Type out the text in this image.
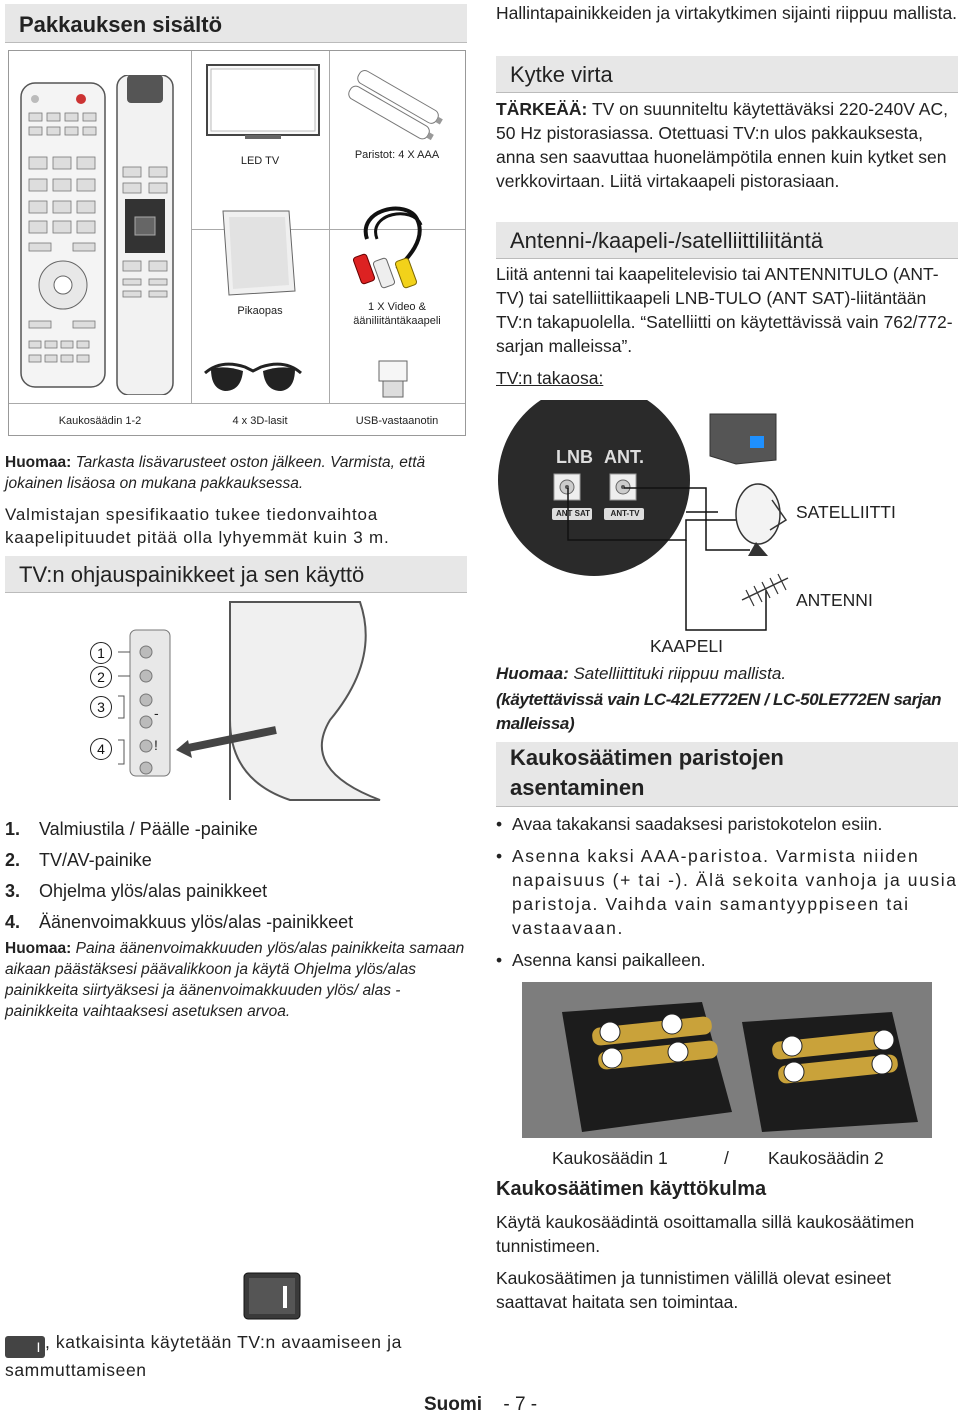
Pakkauksen sisältö
LED TV	Paristot: 4 X AAA
Pikaopas	1 X Video &
ääniliitäntäkaapeli
Kaukosäädin 1-2	4 x 3D-lasit	USB-vastaanotin
Huomaa: Tarkasta lisävarusteet oston jälkeen. Varmista, että jokainen lisäosa on mukana pakkauksessa.
Valmistajan spesifikaatio tukee tiedonvaihtoa kaapelipituudet pitää olla lyhyemmät kuin 3 m.
TV:n ohjauspainikkeet ja sen käyttö
-
!
1
2
3
4
1. Valmiustila / Päälle -painike
2. TV/AV-painike
3. Ohjelma ylös/alas painikkeet
4. Äänenvoimakkuus ylös/alas -painikkeet
Huomaa: Paina äänenvoimakkuuden ylös/alas painikkeita samaan aikaan päästäksesi päävalikkoon ja käytä Ohjelma ylös/alas painikkeita siirtyäksesi ja äänenvoimakkuuden ylös/ alas -painikkeita vaihtaaksesi asetuksen arvoa.
I , katkaisinta käytetään TV:n avaamiseen ja sammuttamiseen
Hallintapainikkeiden ja virtakytkimen sijainti riippuu mallista.
Kytke virta
TÄRKEÄÄ: TV on suunniteltu käytettäväksi 220-240V AC, 50 Hz pistorasiassa. Otettuasi TV:n ulos pakkauksesta, anna sen saavuttaa huonelämpötila ennen kuin kytket sen verkkovirtaan. Liitä virtakaapeli pistorasiaan.
Antenni-/kaapeli-/satelliittiliitäntä
Liitä antenni tai kaapelitelevisio tai ANTENNITULO (ANT-TV) tai satelliittikaapeli LNB-TULO (ANT SAT)-liitäntään TV:n takapuolella. “Satelliitti on käytettävissä vain 762/772-sarjan malleissa”.
TV:n takaosa:
LNB ANT.
ANT SAT	ANT-TV	SATELLIITTI
ANTENNI
KAAPELI
Huomaa: Satelliittituki riippuu mallista.
(käytettävissä vain LC-42LE772EN / LC-50LE772EN sarjan malleissa)
Kaukosäätimen paristojen
asentaminen
• Avaa takakansi saadaksesi paristokotelon esiin.
• Asenna kaksi AAA-paristoa. Varmista niiden napaisuus (+ tai -). Älä sekoita vanhoja ja uusia paristoja. Vaihda vain samantyyppiseen tai vastaavaan.
• Asenna kansi paikalleen.
Kaukosäädin 1	/ Kaukosäädin 2
Kaukosäätimen käyttökulma
Käytä kaukosäädintä osoittamalla sillä kaukosäätimen tunnistimeen.
Kaukosäätimen ja tunnistimen välillä olevat esineet saattavat haitata sen toimintaa.
Suomi - 7 -
